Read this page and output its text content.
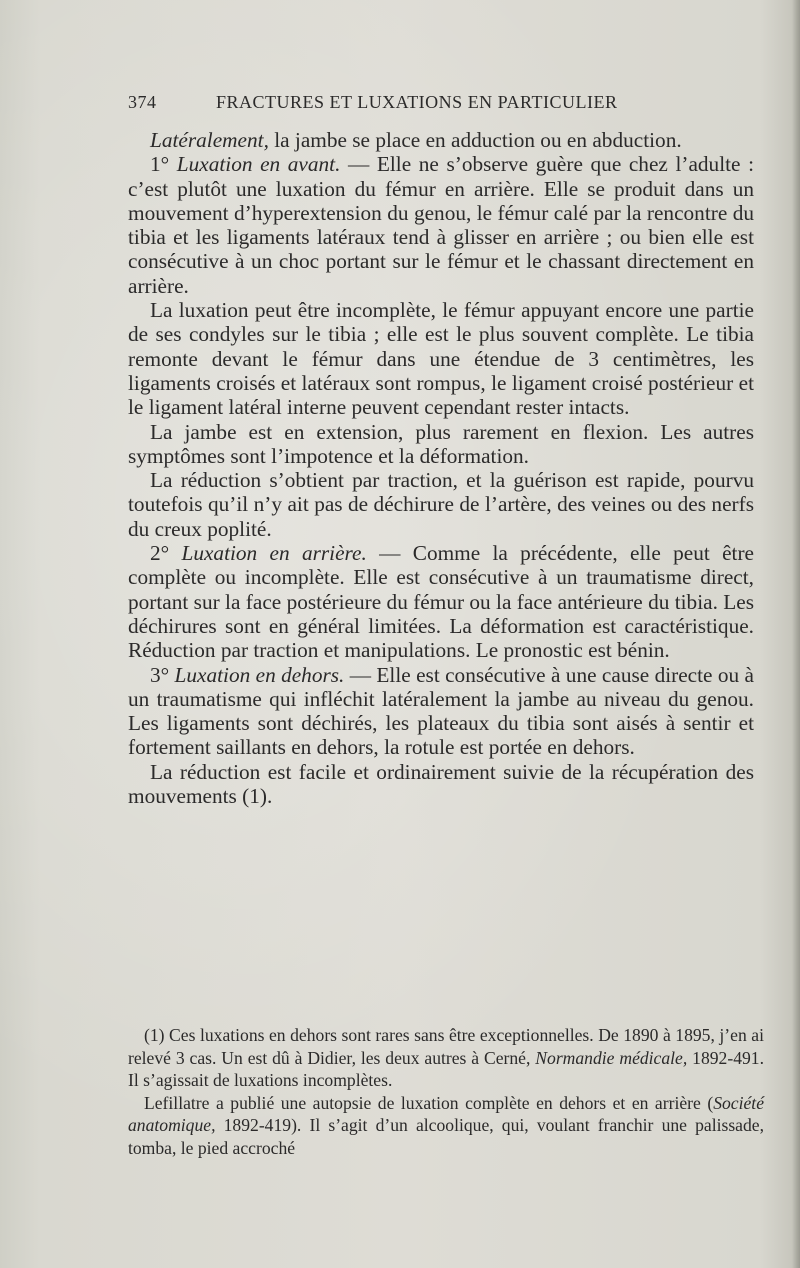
374	FRACTURES ET LUXATIONS EN PARTICULIER

Latéralement, la jambe se place en adduction ou en abduction.

1° Luxation en avant. — Elle ne s’observe guère que chez l’adulte : c’est plutôt une luxation du fémur en arrière. Elle se produit dans un mouvement d’hyperextension du genou, le fémur calé par la rencontre du tibia et les ligaments latéraux tend à glisser en arrière ; ou bien elle est consécutive à un choc portant sur le fémur et le chassant directement en arrière.

La luxation peut être incomplète, le fémur appuyant encore une partie de ses condyles sur le tibia ; elle est le plus souvent complète. Le tibia remonte devant le fémur dans une étendue de 3 centimètres, les ligaments croisés et latéraux sont rompus, le ligament croisé postérieur et le ligament latéral interne peuvent cependant rester intacts.

La jambe est en extension, plus rarement en flexion. Les autres symptômes sont l’impotence et la déformation.

La réduction s’obtient par traction, et la guérison est rapide, pourvu toutefois qu’il n’y ait pas de déchirure de l’artère, des veines ou des nerfs du creux poplité.

2° Luxation en arrière. — Comme la précédente, elle peut être complète ou incomplète. Elle est consécutive à un traumatisme direct, portant sur la face postérieure du fémur ou la face antérieure du tibia. Les déchirures sont en général limitées. La déformation est caractéristique. Réduction par traction et manipulations. Le pronostic est bénin.

3° Luxation en dehors. — Elle est consécutive à une cause directe ou à un traumatisme qui infléchit latéralement la jambe au niveau du genou. Les ligaments sont déchirés, les plateaux du tibia sont aisés à sentir et fortement saillants en dehors, la rotule est portée en dehors.

La réduction est facile et ordinairement suivie de la récupération des mouvements (1).

(1) Ces luxations en dehors sont rares sans être exceptionnelles. De 1890 à 1895, j’en ai relevé 3 cas. Un est dû à Didier, les deux autres à Cerné, Normandie médicale, 1892-491. Il s’agissait de luxations incomplètes.

Lefillatre a publié une autopsie de luxation complète en dehors et en arrière (Société anatomique, 1892-419). Il s’agit d’un alcoolique, qui, voulant franchir une palissade, tomba, le pied accroché
